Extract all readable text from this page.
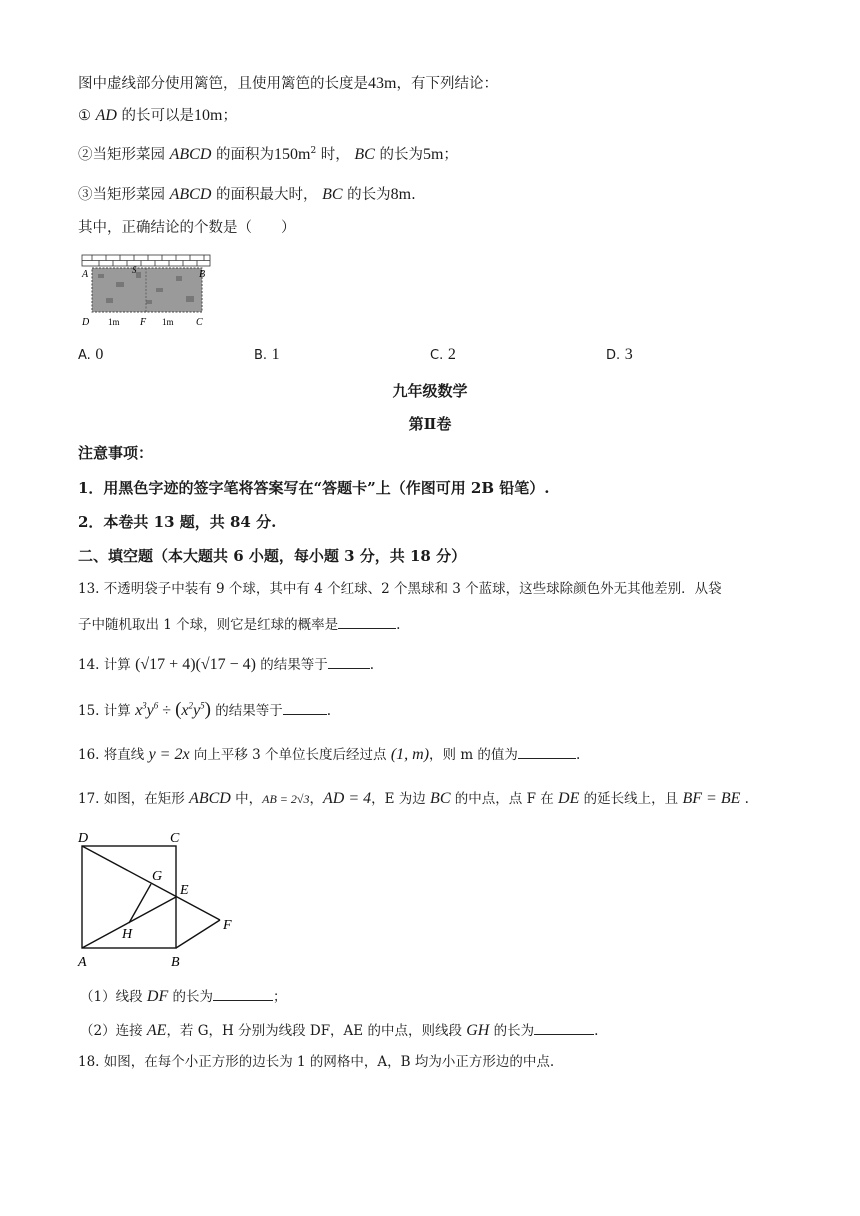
图中虚线部分使用篱笆，且使用篱笆的长度是43m，有下列结论：
① AD 的长可以是10m；
②当矩形菜园 ABCD 的面积为$150m^2$ 时， BC 的长为5m；
③当矩形菜园 ABCD 的面积最大时， BC 的长为8m.
其中，正确结论的个数是（　　）
A	S	B
D 1m F 1m C
A. 0	B. 1	C. 2	D. 3
九年级数学
第Ⅱ卷
注意事项：
1．用黑色字迹的签字笔将答案写在“答题卡”上（作图可用 2B 铅笔）.
2．本卷共 13 题，共 84 分.
二、填空题（本大题共 6 小题，每小题 3 分，共 18 分）
13. 不透明袋子中装有 9 个球，其中有 4 个红球、2 个黑球和 3 个蓝球，这些球除颜色外无其他差别．从袋
子中随机取出 1 个球，则它是红球的概率是	.
14. 计算 (√17 + 4)(√17 − 4) 的结果等于	.
15. 计算 $x^3y^6 \div (x^2y^5)$ 的结果等于	.
16. 将直线 y = 2x 向上平移 3 个单位长度后经过点 (1, m)，则 m 的值为	.
17. 如图，在矩形 ABCD 中，AB = 2√3，AD = 4，E 为边 BC 的中点，点 F 在 DE 的延长线上，且 BF = BE .
D	C
G
E
F
H
A	B
（1）线段 DF 的长为	；
（2）连接 AE，若 G，H 分别为线段 DF，AE 的中点，则线段 GH 的长为	.
18. 如图，在每个小正方形的边长为 1 的网格中，A，B 均为小正方形边的中点.
